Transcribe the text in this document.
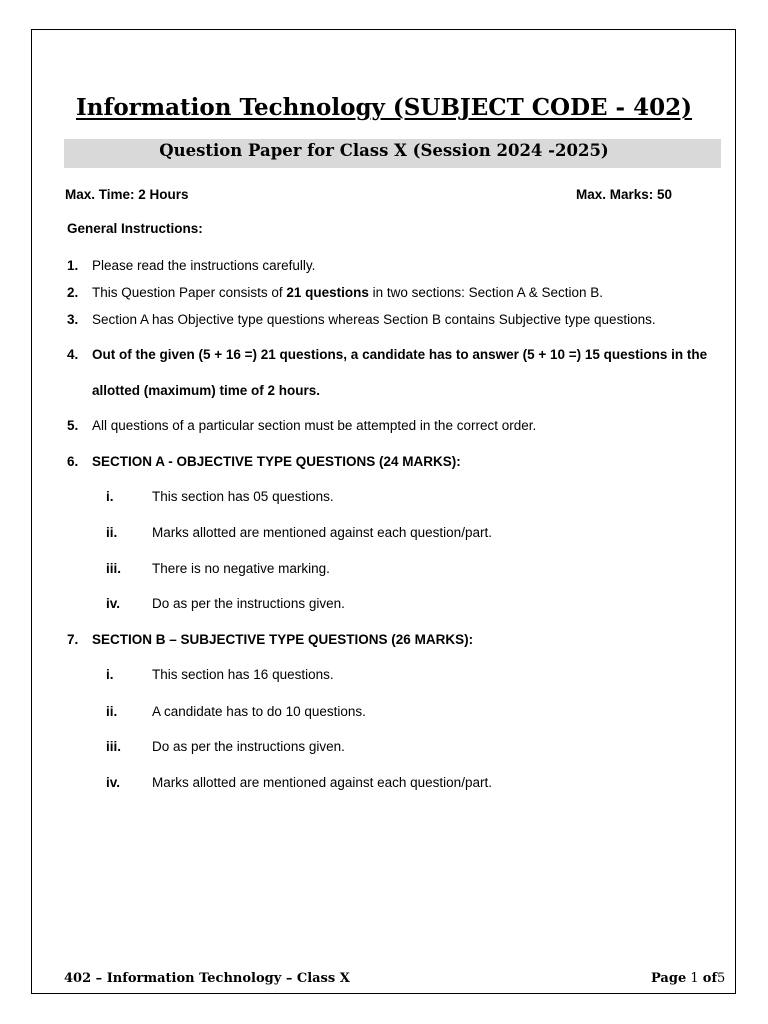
Information Technology (SUBJECT CODE - 402)
Question Paper for Class X (Session 2024 -2025)
Max. Time: 2 Hours	Max. Marks: 50
General Instructions:
1. Please read the instructions carefully.
2. This Question Paper consists of 21 questions in two sections: Section A & Section B.
3. Section A has Objective type questions whereas Section B contains Subjective type questions.
4. Out of the given (5 + 16 =) 21 questions, a candidate has to answer (5 + 10 =) 15 questions in the
allotted (maximum) time of 2 hours.
5. All questions of a particular section must be attempted in the correct order.
6. SECTION A - OBJECTIVE TYPE QUESTIONS (24 MARKS):
i.	This section has 05 questions.
ii.	Marks allotted are mentioned against each question/part.
iii. There is no negative marking.
iv. Do as per the instructions given.
7. SECTION B – SUBJECTIVE TYPE QUESTIONS (26 MARKS):
i.	This section has 16 questions.
ii.	A candidate has to do 10 questions.
iii. Do as per the instructions given.
iv. Marks allotted are mentioned against each question/part.
402 – Information Technology – Class X	Page 1 of5
